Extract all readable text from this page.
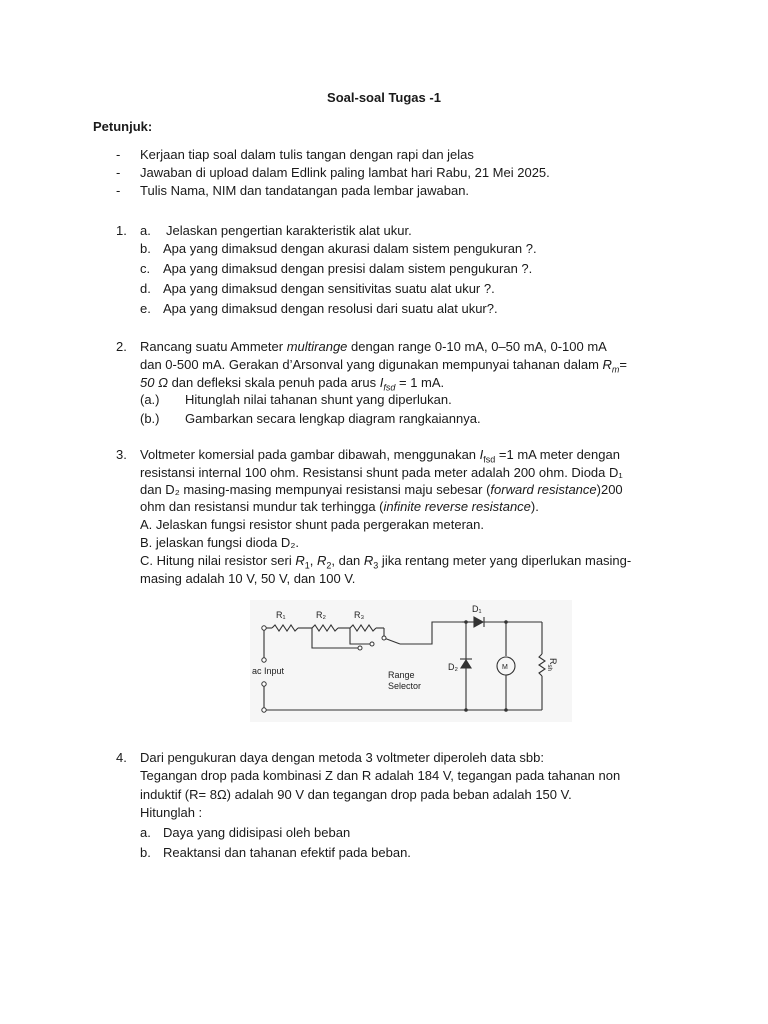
Soal-soal Tugas -1
Petunjuk:
- Kerjaan tiap soal dalam tulis tangan dengan rapi dan jelas
- Jawaban di upload dalam Edlink paling lambat hari Rabu, 21 Mei 2025.
- Tulis Nama, NIM dan tandatangan pada lembar jawaban.
1. a. Jelaskan pengertian karakteristik alat ukur.
b. Apa yang dimaksud dengan akurasi dalam sistem pengukuran ?.
c. Apa yang dimaksud dengan presisi dalam sistem pengukuran ?.
d. Apa yang dimaksud dengan sensitivitas suatu alat ukur ?.
e. Apa yang dimaksud dengan resolusi dari suatu alat ukur?.
2. Rancang suatu Ammeter multirange dengan range 0-10 mA, 0–50 mA, 0-100 mA
dan 0-500 mA. Gerakan d’Arsonval yang digunakan mempunyai tahanan dalam $R_m=$
50 Ω dan defleksi skala penuh pada arus $I_{fsd} = 1$ mA.
(a.) Hitunglah nilai tahanan shunt yang diperlukan.
(b.) Gambarkan secara lengkap diagram rangkaiannya.
3. Voltmeter komersial pada gambar dibawah, menggunakan $I_{fsd} =1$ mA meter dengan
resistansi internal 100 ohm. Resistansi shunt pada meter adalah 200 ohm. Dioda D₁
dan D₂ masing-masing mempunyai resistansi maju sebesar (forward resistance)200
ohm dan resistansi mundur tak terhingga (infinite reverse resistance).
A. Jelaskan fungsi resistor shunt pada pergerakan meteran.
B. jelaskan fungsi dioda D₂.
C. Hitung nilai resistor seri $R_1$, $R_2$, dan $R_3$ jika rentang meter yang diperlukan masing-
masing adalah 10 V, 50 V, dan 100 V.
R₁	R₂	R₃
D₁
D₂	M
$R_{sh}$
ac Input	Range
Selector
4. Dari pengukuran daya dengan metoda 3 voltmeter diperoleh data sbb:
Tegangan drop pada kombinasi Z dan R adalah 184 V, tegangan pada tahanan non
induktif (R= 8Ω) adalah 90 V dan tegangan drop pada beban adalah 150 V.
Hitunglah :
a. Daya yang didisipasi oleh beban
b. Reaktansi dan tahanan efektif pada beban.
